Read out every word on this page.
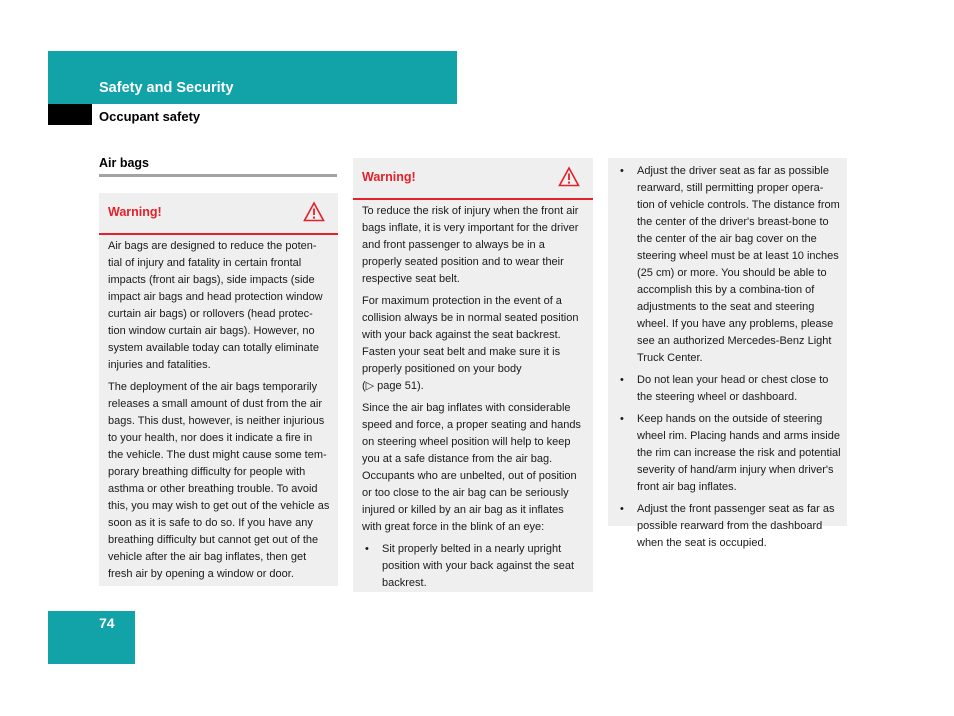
Safety and Security
Occupant safety
Air bags
Warning!

Air bags are designed to reduce the poten-tial of injury and fatality in certain frontal impacts (front air bags), side impacts (side impact air bags and head protection window curtain air bags) or rollovers (head protec-tion window curtain air bags). However, no system available today can totally eliminate injuries and fatalities.

The deployment of the air bags temporarily releases a small amount of dust from the air bags. This dust, however, is neither injurious to your health, nor does it indicate a fire in the vehicle. The dust might cause some tem-porary breathing difficulty for people with asthma or other breathing trouble. To avoid this, you may wish to get out of the vehicle as soon as it is safe to do so. If you have any breathing difficulty but cannot get out of the vehicle after the air bag inflates, then get fresh air by opening a window or door.

Warning!

To reduce the risk of injury when the front air bags inflate, it is very important for the driver and front passenger to always be in a properly seated position and to wear their respective seat belt.

For maximum protection in the event of a collision always be in normal seated position with your back against the seat backrest. Fasten your seat belt and make sure it is properly positioned on your body
(▷ page 51).

Since the air bag inflates with considerable speed and force, a proper seating and hands on steering wheel position will help to keep you at a safe distance from the air bag. Occupants who are unbelted, out of position or too close to the air bag can be seriously injured or killed by an air bag as it inflates with great force in the blink of an eye:

• Sit properly belted in a nearly upright position with your back against the seat backrest.
• Adjust the driver seat as far as possible rearward, still permitting proper opera-tion of vehicle controls. The distance from the center of the driver's breast-bone to the center of the air bag cover on the steering wheel must be at least 10 inches (25 cm) or more. You should be able to accomplish this by a combina-tion of adjustments to the seat and steering wheel. If you have any problems, please see an authorized Mercedes-Benz Light Truck Center.
• Do not lean your head or chest close to the steering wheel or dashboard.
• Keep hands on the outside of steering wheel rim. Placing hands and arms inside the rim can increase the risk and potential severity of hand/arm injury when driver's front air bag inflates.
• Adjust the front passenger seat as far as possible rearward from the dashboard when the seat is occupied.
74
